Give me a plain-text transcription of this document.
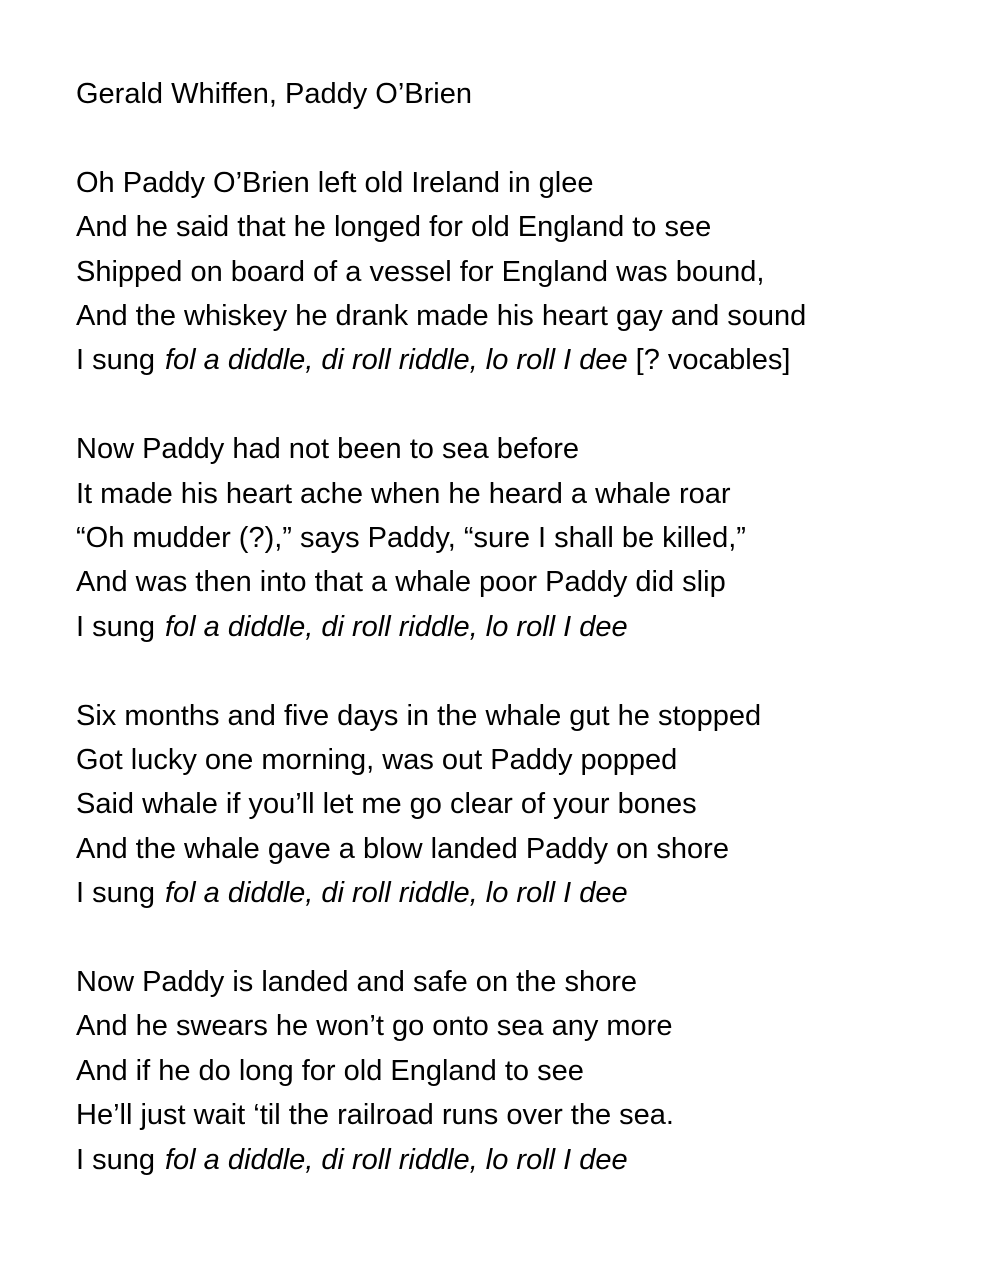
Gerald Whiffen, Paddy O’Brien
Oh Paddy O’Brien left old Ireland in glee
And he said that he longed for old England to see
Shipped on board of a vessel for England was bound,
And the whiskey he drank made his heart gay and sound
I sung fol a diddle, di roll riddle, lo roll I dee [? vocables]
Now Paddy had not been to sea before
It made his heart ache when he heard a whale roar
“Oh mudder (?),” says Paddy, “sure I shall be killed,”
And was then into that a whale poor Paddy did slip
I sung fol a diddle, di roll riddle, lo roll I dee
Six months and five days in the whale gut he stopped
Got lucky one morning, was out Paddy popped
Said whale if you’ll let me go clear of your bones
And the whale gave a blow landed Paddy on shore
I sung fol a diddle, di roll riddle, lo roll I dee
Now Paddy is landed and safe on the shore
And he swears he won’t go onto sea any more
And if he do long for old England to see
He’ll just wait ‘til the railroad runs over the sea.
I sung fol a diddle, di roll riddle, lo roll I dee
